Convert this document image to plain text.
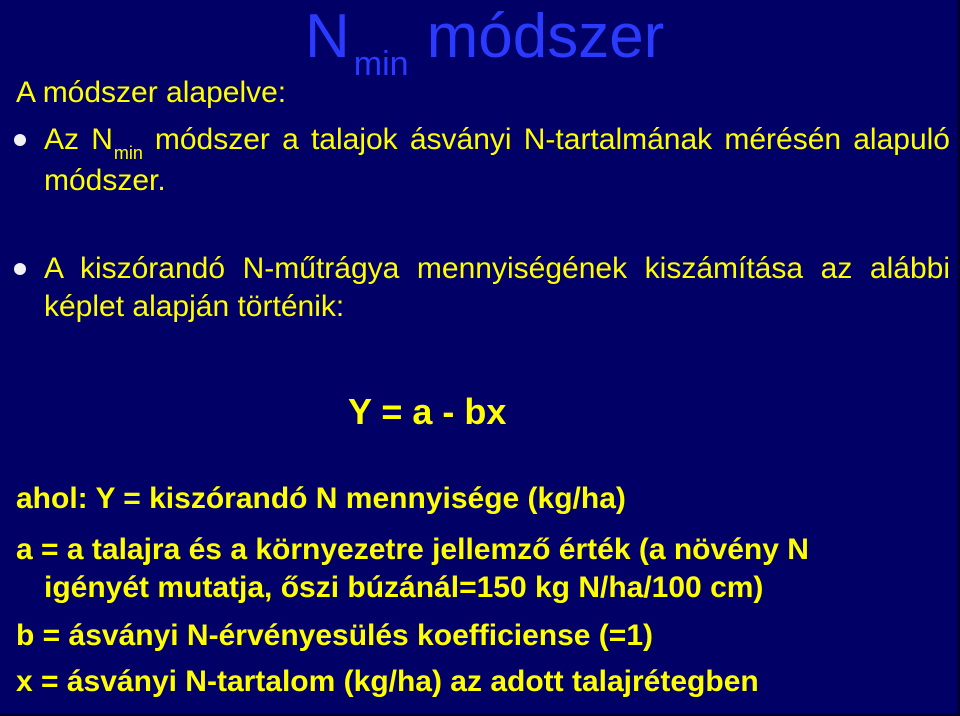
N $_{min}$ módszer
A módszer alapelve:
Az $N_{min}$ módszer a talajok ásványi N-tartalmának mérésén alapuló módszer.
A kiszórandó N-műtrágya mennyiségének kiszámítása az alábbi képlet alapján történik:
Y = a - bx
ahol: Y = kiszórandó N mennyisége (kg/ha)
a = a talajra és a környezetre jellemző érték (a növény N
igényét mutatja, őszi búzánál=150 kg N/ha/100 cm)
b = ásványi N-érvényesülés koefficiense (=1)
x = ásványi N-tartalom (kg/ha) az adott talajrétegben
